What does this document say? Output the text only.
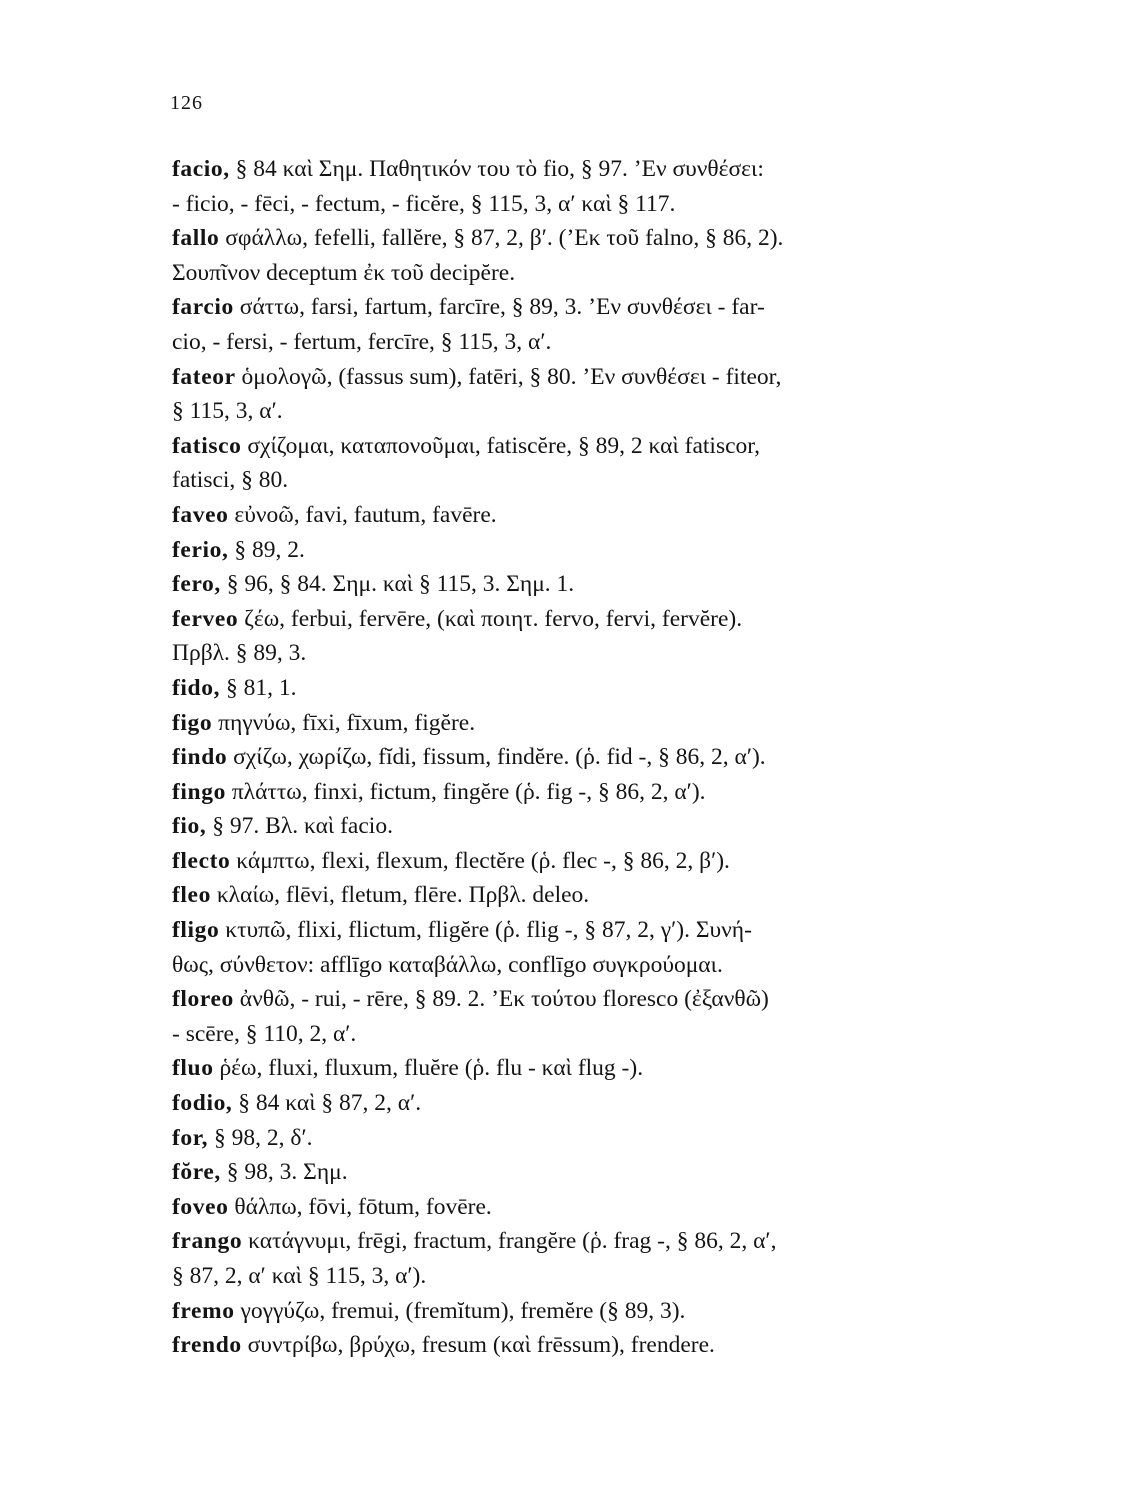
126

facio, § 84 καὶ Σημ. Παθητικόν του τὸ fio, § 97. ’Εν συνθέσει:
- ficio, - fēci, - fectum, - ficĕre, § 115, 3, α′ καὶ § 117.

fallo σφάλλω, fefelli, fallĕre, § 87, 2, β′. (’Εκ τοῦ falno, § 86, 2).
Σουπῖνον deceptum ἐκ τοῦ decipĕre.

farcio σάττω, farsi, fartum, farcīre, § 89, 3. ’Εν συνθέσει - far-
cio, - fersi, - fertum, fercīre, § 115, 3, α′.

fateor ὁμολογῶ, (fassus sum), fatēri, § 80. ’Εν συνθέσει - fiteor,
§ 115, 3, α′.

fatisco σχίζομαι, καταπονοῦμαι, fatiscĕre, § 89, 2 καὶ fatiscor,
fatisci, § 80.

faveo εὐνοῶ, favi, fautum, favēre.

ferio, § 89, 2.

fero, § 96, § 84. Σημ. καὶ § 115, 3. Σημ. 1.

ferveo ζέω, ferbui, fervēre, (καὶ ποιητ. fervo, fervi, fervĕre).
Πρβλ. § 89, 3.

fido, § 81, 1.

figo πηγνύω, fīxi, fīxum, figĕre.

findo σχίζω, χωρίζω, fĭdi, fissum, findĕre. (ῥ. fid -, § 86, 2, α′).

fingo πλάττω, finxi, fictum, fingĕre (ῥ. fig -, § 86, 2, α′).

fio, § 97. Βλ. καὶ facio.

flecto κάμπτω, flexi, flexum, flectĕre (ῥ. flec -, § 86, 2, β′).

fleo κλαίω, flēvi, fletum, flēre. Πρβλ. deleo.

fligo κτυπῶ, flixi, flictum, fligĕre (ῥ. flig -, § 87, 2, γ′). Συνή-
θως, σύνθετον: afflīgo καταβάλλω, conflīgo συγκρούομαι.

floreo ἀνθῶ, - rui, - rēre, § 89. 2. ’Εκ τούτου floresco (ἐξανθῶ)
- scēre, § 110, 2, α′.

fluo ῥέω, fluxi, fluxum, fluĕre (ῥ. flu - καὶ flug -).

fodio, § 84 καὶ § 87, 2, α′.

for, § 98, 2, δ′.

fŏre, § 98, 3. Σημ.

foveo θάλπω, fōvi, fōtum, fovēre.

frango κατάγνυμι, frēgi, fractum, frangĕre (ῥ. frag -, § 86, 2, α′,
§ 87, 2, α′ καὶ § 115, 3, α′).

fremo γογγύζω, fremui, (fremĭtum), fremĕre (§ 89, 3).

frendo συντρίβω, βρύχω, fresum (καὶ frēssum), frendere.
